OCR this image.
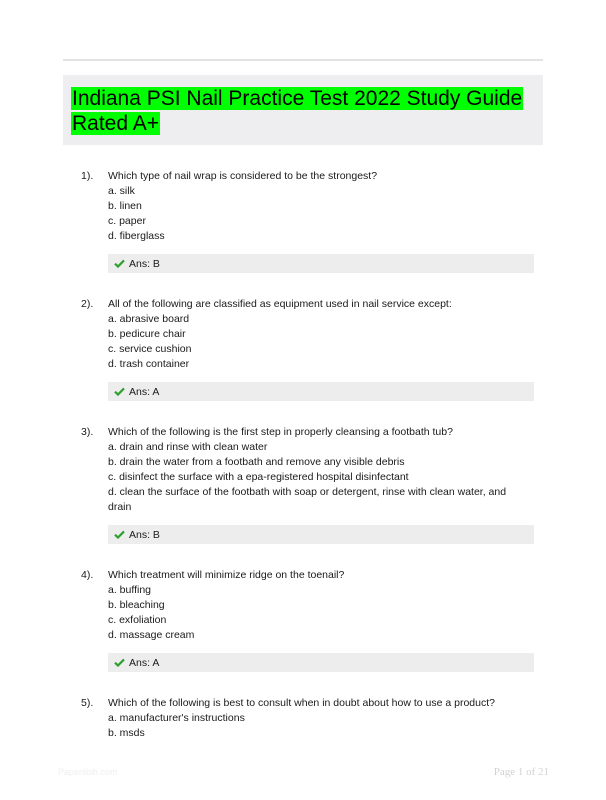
Indiana PSI Nail Practice Test 2022 Study Guide Rated A+
1).	Which type of nail wrap is considered to be the strongest?
a. silk
b. linen
c. paper
d. fiberglass
Ans: B
2).	All of the following are classified as equipment used in nail service except:
a. abrasive board
b. pedicure chair
c. service cushion
d. trash container
Ans: A
3).	Which of the following is the first step in properly cleansing a footbath tub?
a. drain and rinse with clean water
b. drain the water from a footbath and remove any visible debris
c. disinfect the surface with a epa-registered hospital disinfectant
d. clean the surface of the footbath with soap or detergent, rinse with clean water, and drain
Ans: B
4).	Which treatment will minimize ridge on the toenail?
a. buffing
b. bleaching
c. exfoliation
d. massage cream
Ans: A
5).	Which of the following is best to consult when in doubt about how to use a product?
a. manufacturer's instructions
b. msds
Paperlibib.com	Page 1 of 21
